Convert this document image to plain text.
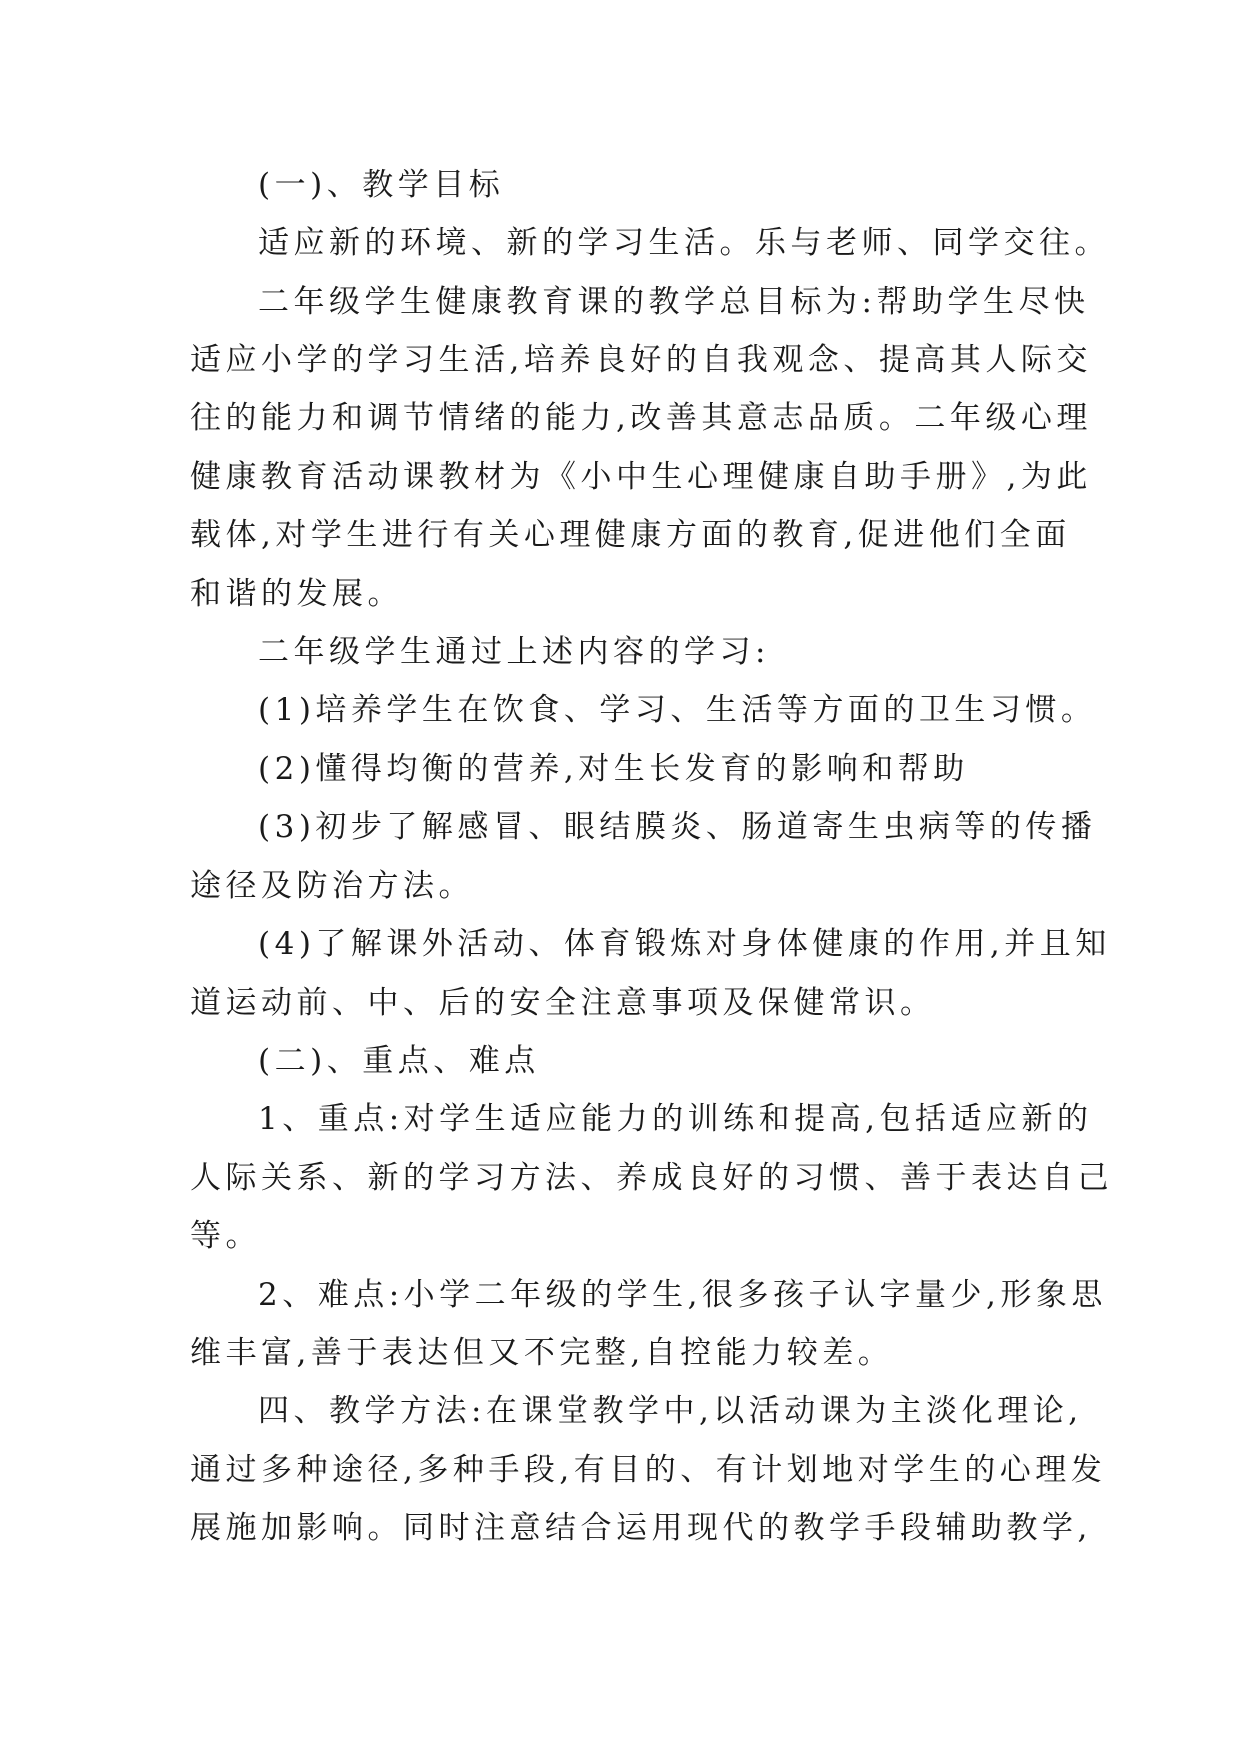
(一)、教学目标

适应新的环境、新的学习生活。乐与老师、同学交往。

二年级学生健康教育课的教学总目标为:帮助学生尽快

适应小学的学习生活,培养良好的自我观念、提高其人际交

往的能力和调节情绪的能力,改善其意志品质。二年级心理

健康教育活动课教材为《小中生心理健康自助手册》,为此

载体,对学生进行有关心理健康方面的教育,促进他们全面

和谐的发展。

二年级学生通过上述内容的学习:

(1)培养学生在饮食、学习、生活等方面的卫生习惯。

(2)懂得均衡的营养,对生长发育的影响和帮助

(3)初步了解感冒、眼结膜炎、肠道寄生虫病等的传播

途径及防治方法。

(4)了解课外活动、体育锻炼对身体健康的作用,并且知

道运动前、中、后的安全注意事项及保健常识。

(二)、重点、难点

1、重点:对学生适应能力的训练和提高,包括适应新的

人际关系、新的学习方法、养成良好的习惯、善于表达自己

等。

2、难点:小学二年级的学生,很多孩子认字量少,形象思

维丰富,善于表达但又不完整,自控能力较差。

四、教学方法:在课堂教学中,以活动课为主淡化理论,

通过多种途径,多种手段,有目的、有计划地对学生的心理发

展施加影响。同时注意结合运用现代的教学手段辅助教学,
